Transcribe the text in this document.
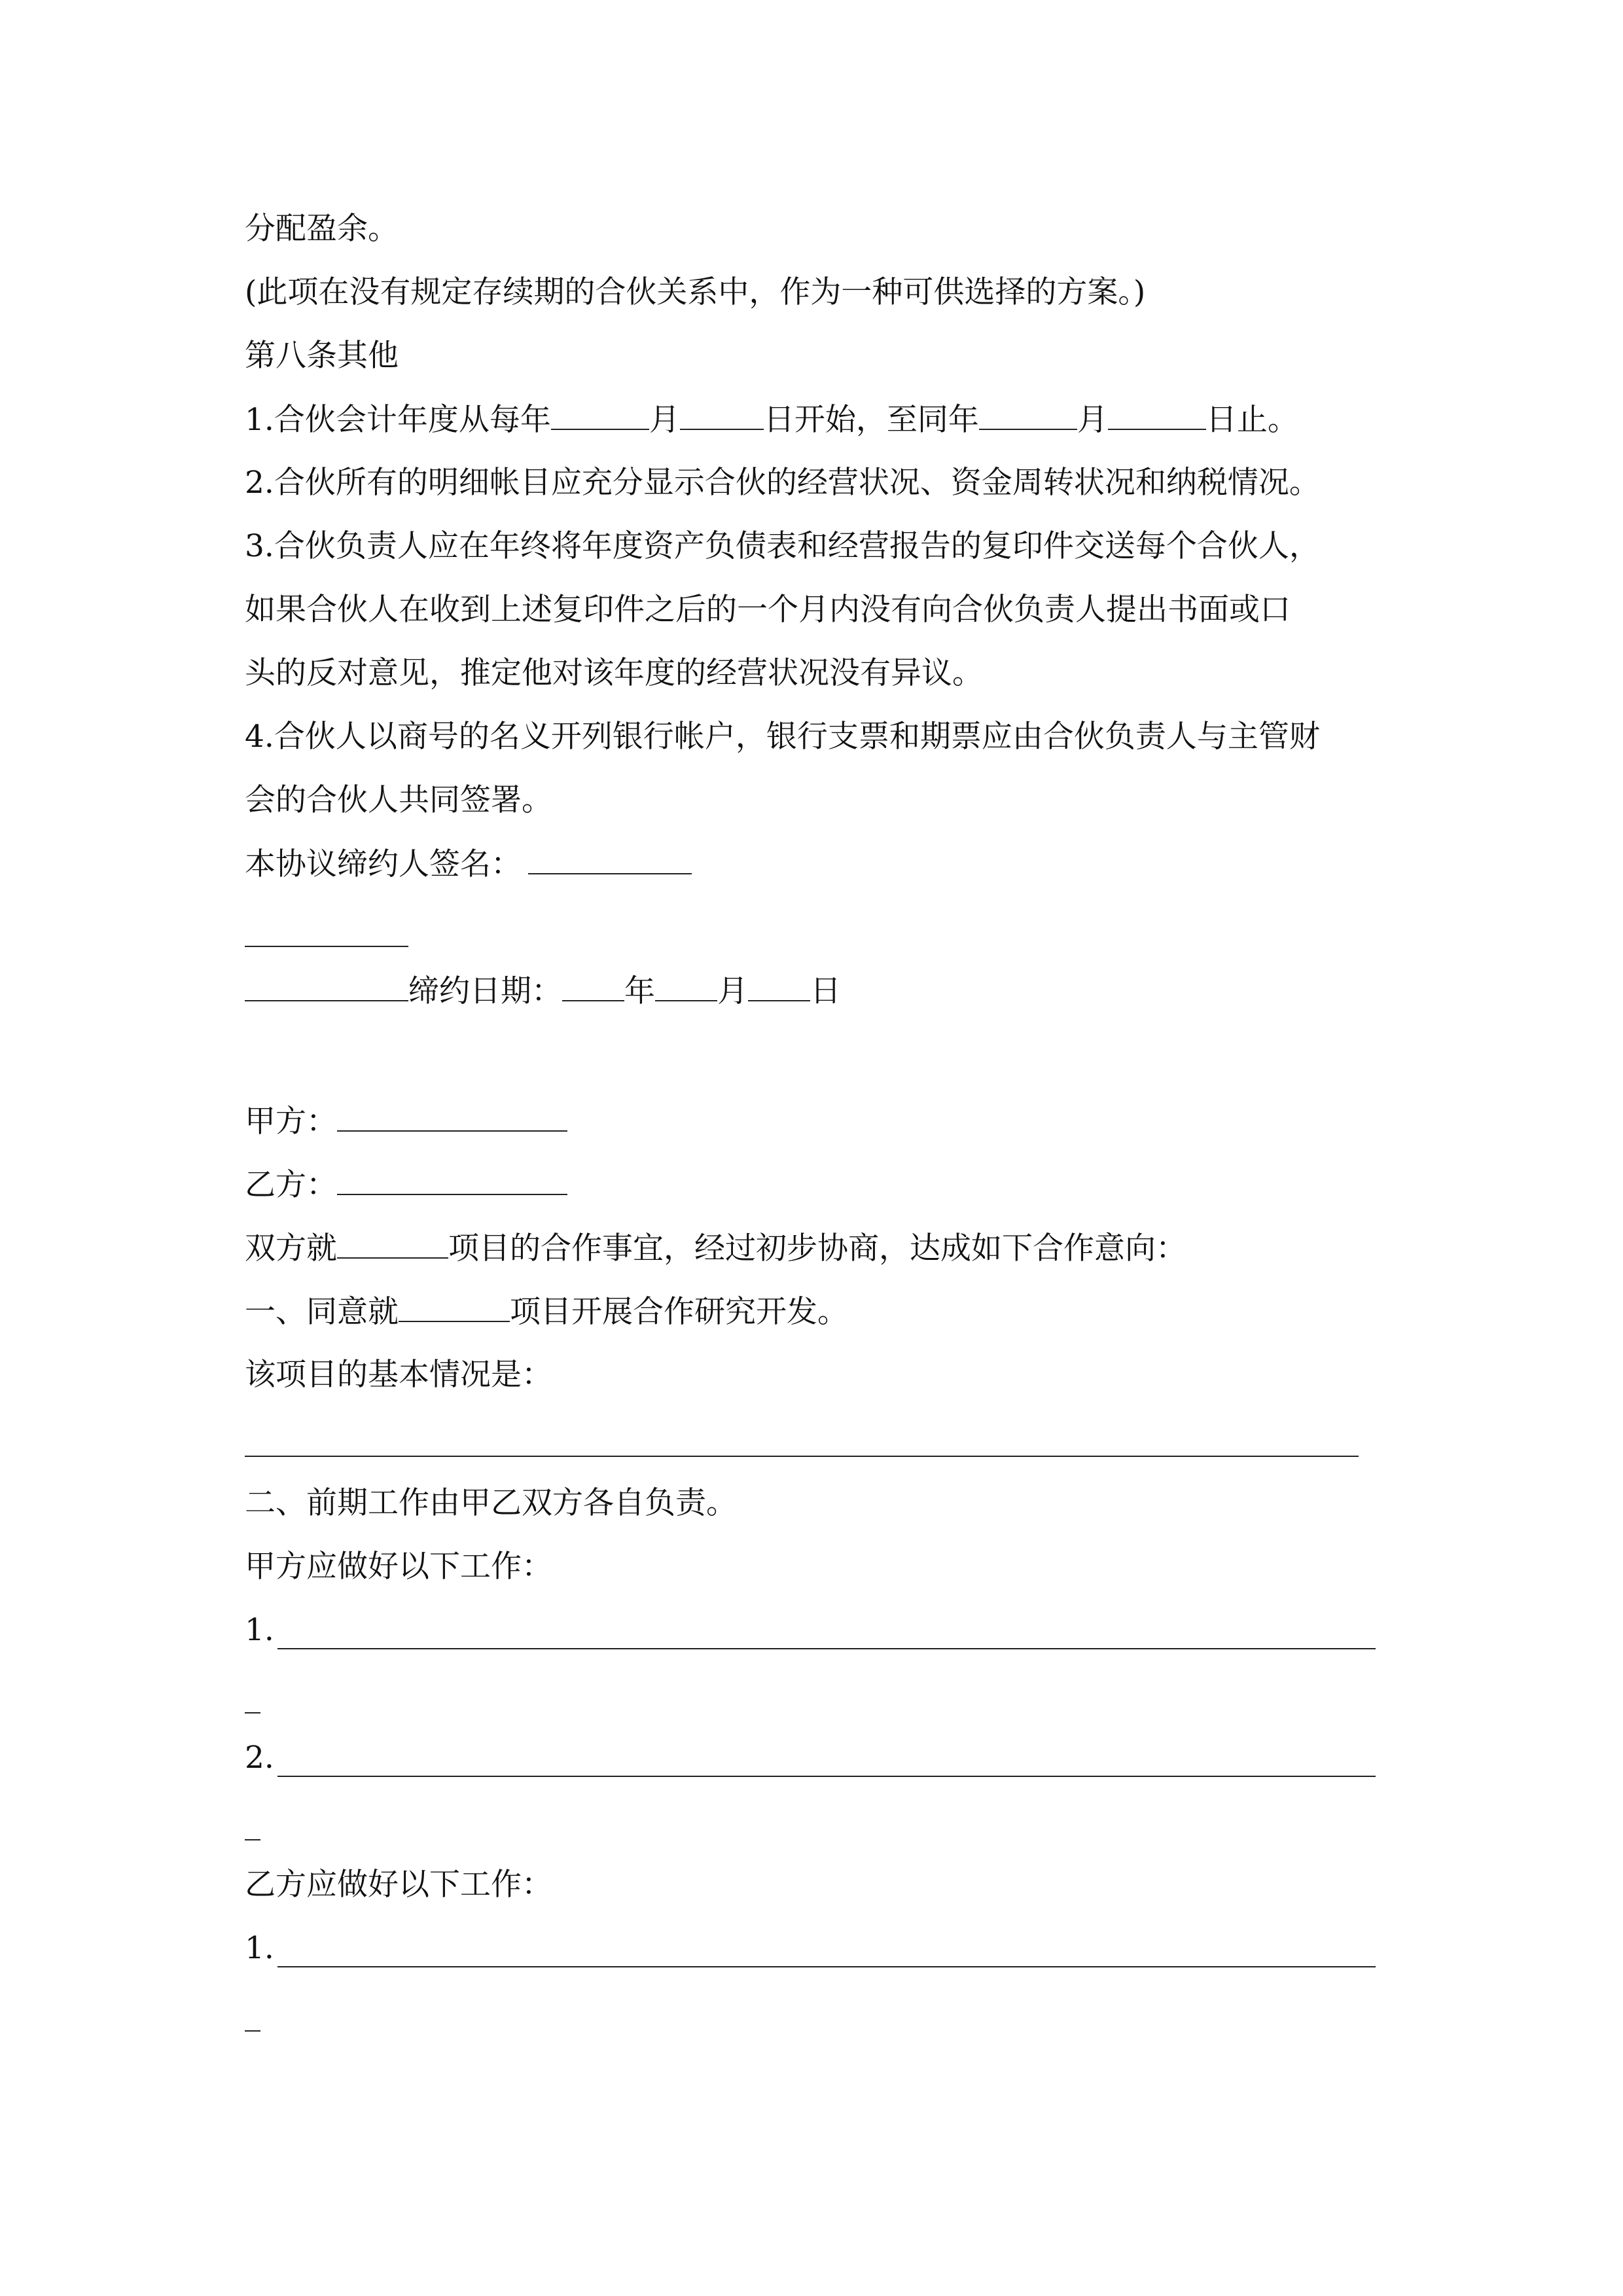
分配盈余。
(此项在没有规定存续期的合伙关系中，作为一种可供选择的方案。)
第八条其他
1.合伙会计年度从每年	月	日开始，至同年	月	日止。
2.合伙所有的明细帐目应充分显示合伙的经营状况、资金周转状况和纳税情况。
3.合伙负责人应在年终将年度资产负债表和经营报告的复印件交送每个合伙人，
如果合伙人在收到上述复印件之后的一个月内没有向合伙负责人提出书面或口
头的反对意见，推定他对该年度的经营状况没有异议。
4.合伙人以商号的名义开列银行帐户，银行支票和期票应由合伙负责人与主管财
会的合伙人共同签署。
本协议缔约人签名：
缔约日期： 年 月 日
甲方：
乙方：
双方就	项目的合作事宜，经过初步协商，达成如下合作意向：
一、同意就	项目开展合作研究开发。
该项目的基本情况是：
二、前期工作由甲乙双方各自负责。
甲方应做好以下工作：
1.
2.
乙方应做好以下工作：
1.
